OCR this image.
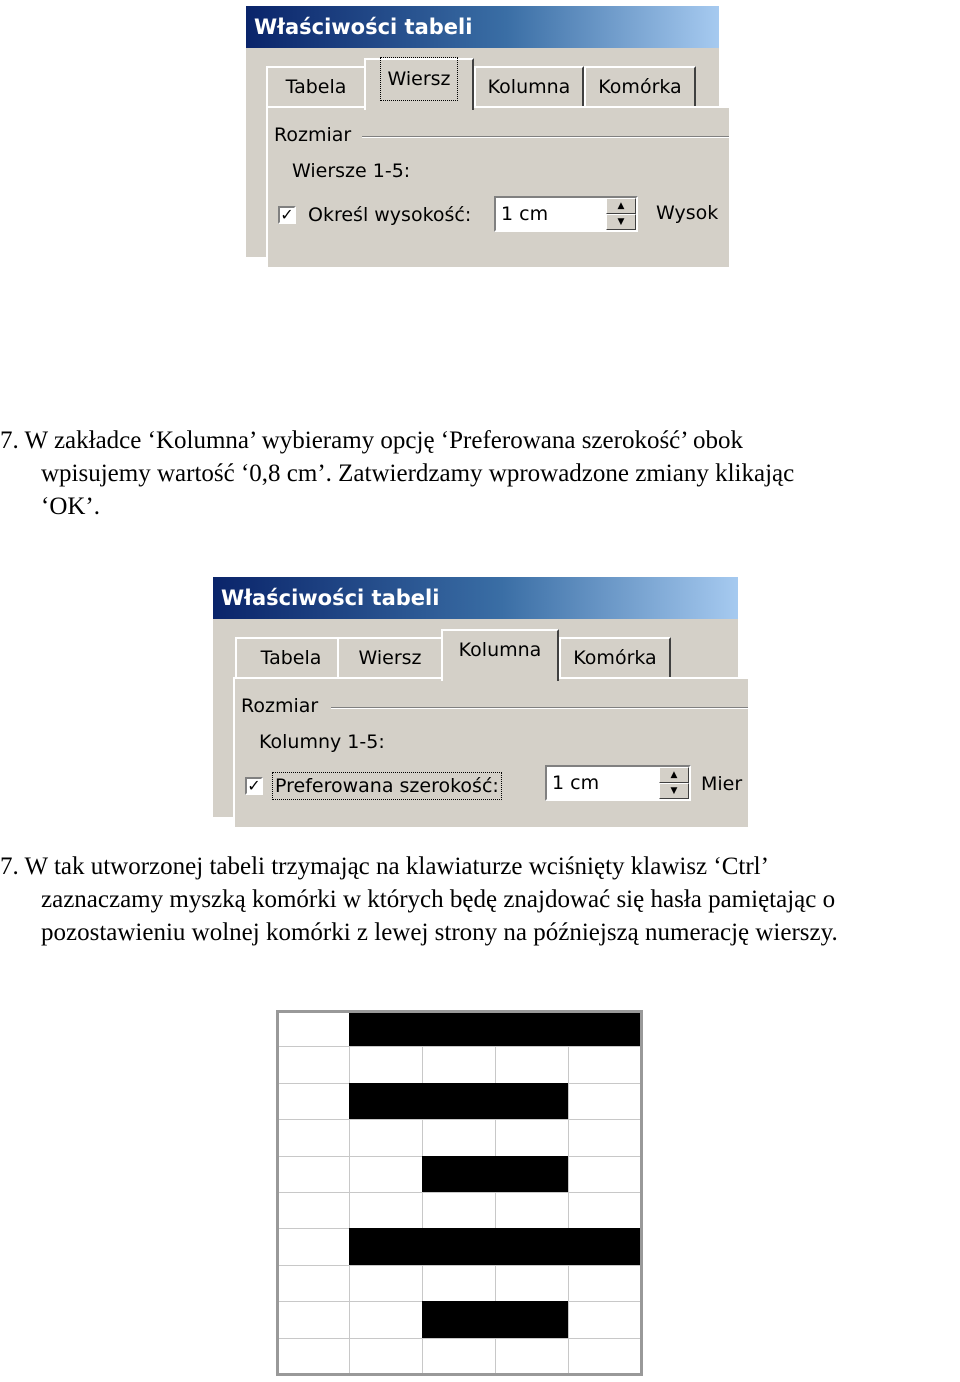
Właściwości tabeli
Tabela	Wiersz	Kolumna	Komórka
Rozmiar
Wiersze 1-5:
✓ Określ wysokość: 1 cm	▲
▼	Wysok

7. W zakładce ‘Kolumna’ wybieramy opcję ‘Preferowana szerokość’ obok
wpisujemy wartość ‘0,8 cm’. Zatwierdzamy wprowadzone zmiany klikając
‘OK’.

Właściwości tabeli
Tabela	Wiersz	Kolumna	Komórka
Rozmiar
Kolumny 1-5:
✓ Preferowana szerokość:	1 cm	▲
▼	Mier

7. W tak utworzonej tabeli trzymając na klawiaturze wciśnięty klawisz ‘Ctrl’
zaznaczamy myszką komórki w których będę znajdować się hasła pamiętając o
pozostawieniu wolnej komórki z lewej strony na późniejszą numerację wierszy.
